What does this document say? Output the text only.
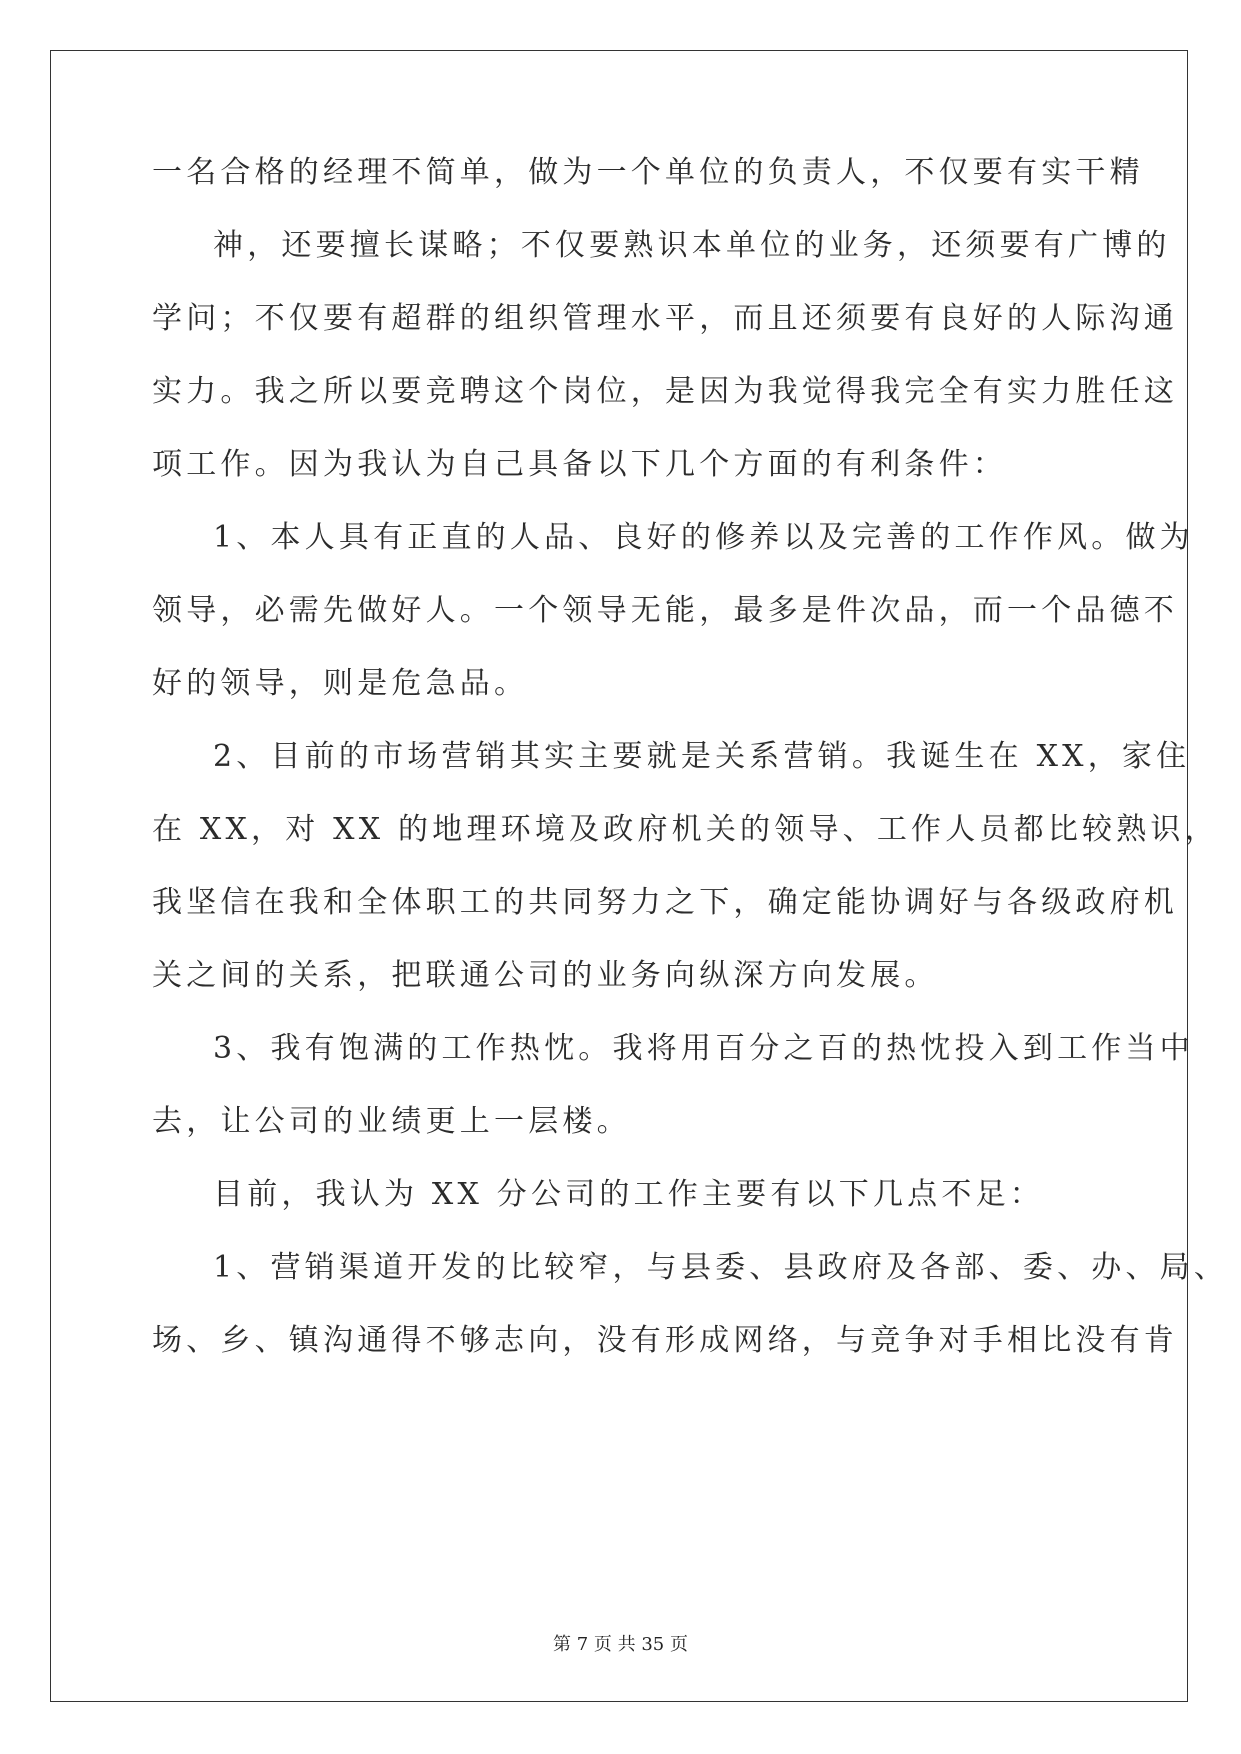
一名合格的经理不简单，做为一个单位的负责人，不仅要有实干精
神，还要擅长谋略；不仅要熟识本单位的业务，还须要有广博的
学问；不仅要有超群的组织管理水平，而且还须要有良好的人际沟通
实力。我之所以要竞聘这个岗位，是因为我觉得我完全有实力胜任这
项工作。因为我认为自己具备以下几个方面的有利条件：
1、本人具有正直的人品、良好的修养以及完善的工作作风。做为
领导，必需先做好人。一个领导无能，最多是件次品，而一个品德不
好的领导，则是危急品。
2、目前的市场营销其实主要就是关系营销。我诞生在 XX，家住
在 XX，对 XX 的地理环境及政府机关的领导、工作人员都比较熟识，
我坚信在我和全体职工的共同努力之下，确定能协调好与各级政府机
关之间的关系，把联通公司的业务向纵深方向发展。
3、我有饱满的工作热忱。我将用百分之百的热忱投入到工作当中
去，让公司的业绩更上一层楼。
目前，我认为 XX 分公司的工作主要有以下几点不足：
1、营销渠道开发的比较窄，与县委、县政府及各部、委、办、局、
场、乡、镇沟通得不够志向，没有形成网络，与竞争对手相比没有肯
第 7 页 共 35 页
